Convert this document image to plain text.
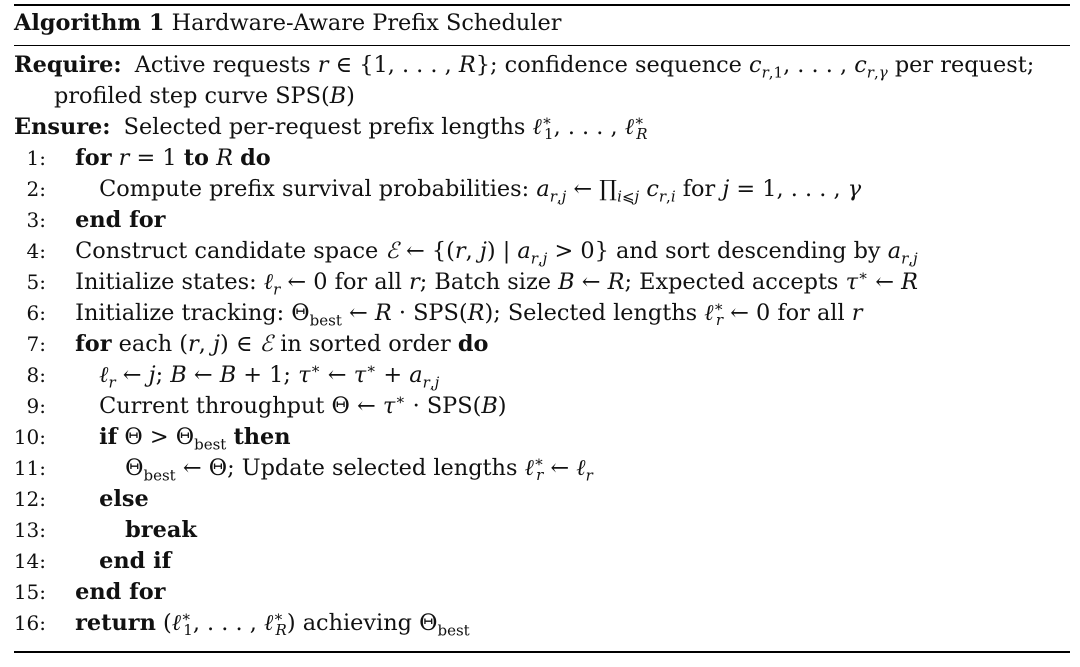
Algorithm 1 Hardware-Aware Prefix Scheduler
Require: Active requests r ∈ {1, . . . , R}; confidence sequence $c_{r,1}$, . . . , $c_{r,\gamma}$ per request; profiled step curve SPS(B)
Ensure: Selected per-request prefix lengths ℓ∗$_1$, . . . , ℓ∗$_R$
1: for r = 1 to R do
2: Compute prefix survival probabilities: $a_{r,j}$ ← $\prod_{i⩽j}$ $c_{r,i}$ for j = 1, . . . , γ
3: end for
4: Construct candidate space ℰ ← {(r, j) | $a_{r,j} > 0$} and sort descending by $a_{r,j}$
5: Initialize states: ℓ$_r$ ← 0 for all r; Batch size B ← R; Expected accepts τ∗ ← R
6: Initialize tracking: $\Theta_{best}$ ← R · SPS(R); Selected lengths ℓ∗$_r$ ← 0 for all r
7: for each (r, j) ∈ ℰ in sorted order do
8: ℓ$_r$ ← j; B ← B + 1; τ∗ ← $\tau^∗ + a_{r,j}$
9: Current throughput Θ ← τ∗ · SPS(B)
10: if $\Theta > \Theta_{best}$ then
11:	$\Theta_{best}$ ← Θ; Update selected lengths ℓ∗$_r$ ← ℓ$_r$
12: else
13:	break
14: end if
15: end for
16: return (ℓ∗$_1$, . . . , ℓ∗$_R$) achieving $\Theta_{best}$
